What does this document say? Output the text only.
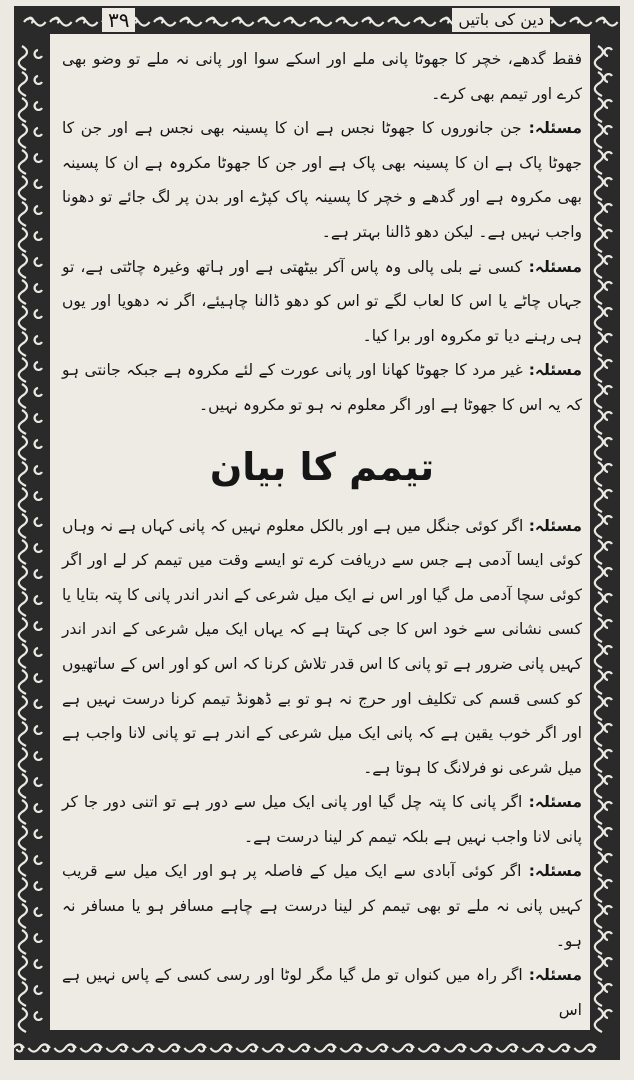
۳۹	دین کی باتیں

فقط گدھے، خچر کا جھوٹا پانی ملے اور اسکے سوا اور پانی نہ ملے تو وضو بھی کرے اور تیمم بھی کرے۔

مسئلہ: جن جانوروں کا جھوٹا نجس ہے ان کا پسینہ بھی نجس ہے اور جن کا جھوٹا پاک ہے ان کا پسینہ بھی پاک ہے اور جن کا جھوٹا مکروہ ہے ان کا پسینہ بھی مکروہ ہے اور گدھے و خچر کا پسینہ پاک کپڑے اور بدن پر لگ جائے تو دھونا واجب نہیں ہے۔ لیکن دھو ڈالنا بہتر ہے۔

مسئلہ: کسی نے بلی پالی وہ پاس آکر بیٹھتی ہے اور ہاتھ وغیرہ چاٹتی ہے، تو جہاں چاٹے یا اس کا لعاب لگے تو اس کو دھو ڈالنا چاہیئے، اگر نہ دھویا اور یوں ہی رہنے دیا تو مکروہ اور برا کیا۔

مسئلہ: غیر مرد کا جھوٹا کھانا اور پانی عورت کے لئے مکروہ ہے جبکہ جانتی ہو کہ یہ اس کا جھوٹا ہے اور اگر معلوم نہ ہو تو مکروہ نہیں۔

تیمم کا بیان

مسئلہ: اگر کوئی جنگل میں ہے اور بالکل معلوم نہیں کہ پانی کہاں ہے نہ وہاں کوئی ایسا آدمی ہے جس سے دریافت کرے تو ایسے وقت میں تیمم کر لے اور اگر کوئی سچا آدمی مل گیا اور اس نے ایک میل شرعی کے اندر اندر پانی کا پتہ بتایا یا کسی نشانی سے خود اس کا جی کہتا ہے کہ یہاں ایک میل شرعی کے اندر اندر کہیں پانی ضرور ہے تو پانی کا اس قدر تلاش کرنا کہ اس کو اور اس کے ساتھیوں کو کسی قسم کی تکلیف اور حرج نہ ہو تو بے ڈھونڈ تیمم کرنا درست نہیں ہے اور اگر خوب یقین ہے کہ پانی ایک میل شرعی کے اندر ہے تو پانی لانا واجب ہے میل شرعی نو فرلانگ کا ہوتا ہے۔

مسئلہ: اگر پانی کا پتہ چل گیا اور پانی ایک میل سے دور ہے تو اتنی دور جا کر پانی لانا واجب نہیں ہے بلکہ تیمم کر لینا درست ہے۔

مسئلہ: اگر کوئی آبادی سے ایک میل کے فاصلہ پر ہو اور ایک میل سے قریب کہیں پانی نہ ملے تو بھی تیمم کر لینا درست ہے چاہے مسافر ہو یا مسافر نہ ہو۔

مسئلہ: اگر راہ میں کنواں تو مل گیا مگر لوٹا اور رسی کسی کے پاس نہیں ہے اس
